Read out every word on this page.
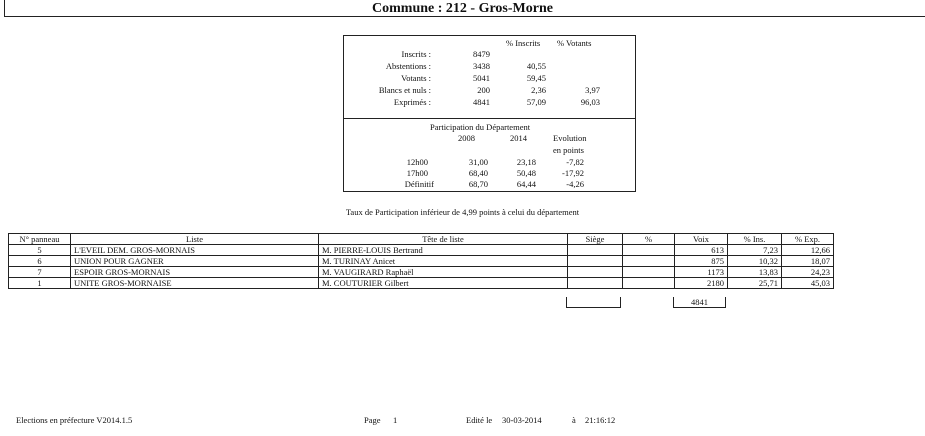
Commune : 212 - Gros-Morne
% Inscrits % Votants
Inscrits :	8479
Abstentions :	3438	40,55
Votants :	5041	59,45
Blancs et nuls :	200	2,36	3,97
Exprimés :	4841	57,09	96,03
Participation du Département
2008	2014	Evolution
en points
12h00	31,00	23,18	-7,82
17h00	68,40	50,48	-17,92
Définitif	68,70	64,44	-4,26
Taux de Participation inférieur de 4,99 points à celui du département
N° panneau	Liste	Tête de liste	Siège	%	Voix	% Ins.	% Exp.
5	L'EVEIL DEM. GROS-MORNAIS	M. PIERRE-LOUIS Bertrand			613	7,23	12,66
6	UNION POUR GAGNER	M. TURINAY Anicet			875	10,32	18,07
7	ESPOIR GROS-MORNAIS	M. VAUGIRARD Raphaël			1173	13,83	24,23
1	UNITE GROS-MORNAISE	M. COUTURIER Gilbert			2180	25,71	45,03
4841
Elections en préfecture V2014.1.5	Page 1	Edité le 30-03-2014	à 21:16:12
